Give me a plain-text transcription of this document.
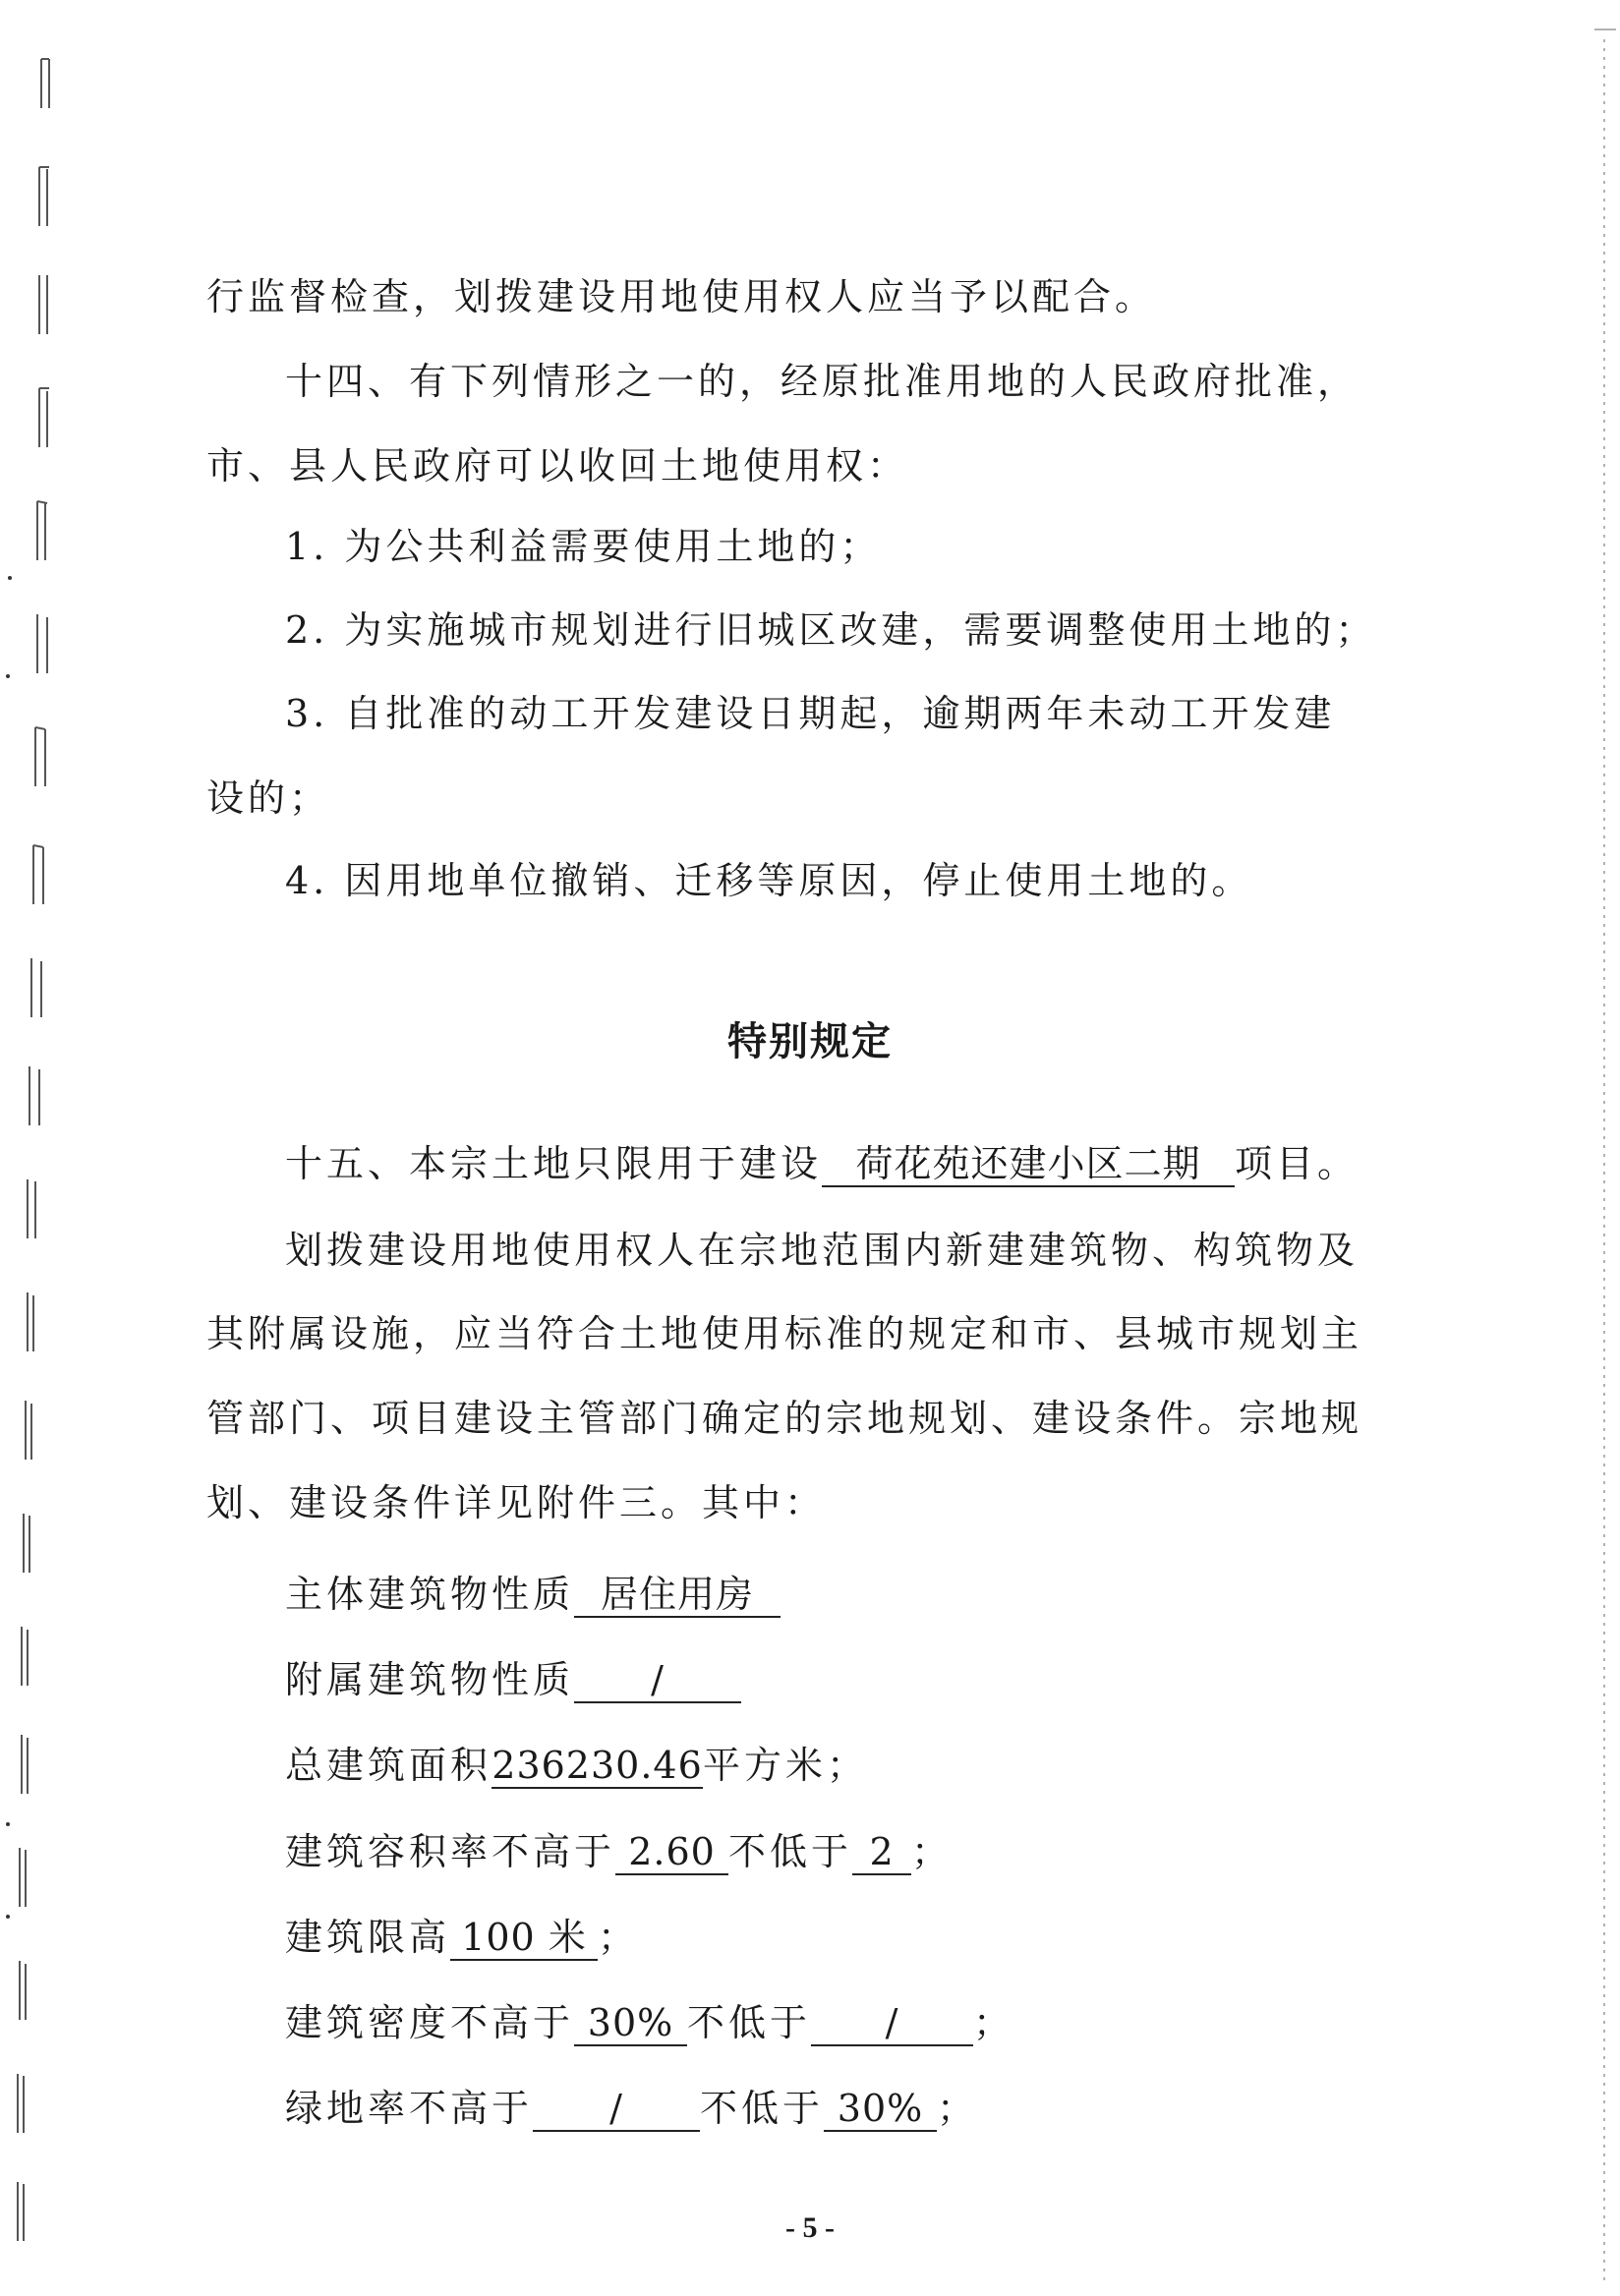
行监督检查，划拨建设用地使用权人应当予以配合。
十四、有下列情形之一的，经原批准用地的人民政府批准，
市、县人民政府可以收回土地使用权：
1. 为公共利益需要使用土地的；
2. 为实施城市规划进行旧城区改建，需要调整使用土地的；
3. 自批准的动工开发建设日期起，逾期两年未动工开发建
设的；
4. 因用地单位撤销、迁移等原因，停止使用土地的。
特别规定
十五、本宗土地只限用于建设 荷花苑还建小区二期 项目。
划拨建设用地使用权人在宗地范围内新建建筑物、构筑物及
其附属设施，应当符合土地使用标准的规定和市、县城市规划主
管部门、项目建设主管部门确定的宗地规划、建设条件。宗地规
划、建设条件详见附件三。其中：
主体建筑物性质 居住用房
附属建筑物性质 /
总建筑面积236230.46平方米；
建筑容积率不高于 2.60 不低于 2 ；
建筑限高 100 米 ；
建筑密度不高于 30% 不低于 / ；
绿地率不高于 / 不低于 30% ；
- 5 -
